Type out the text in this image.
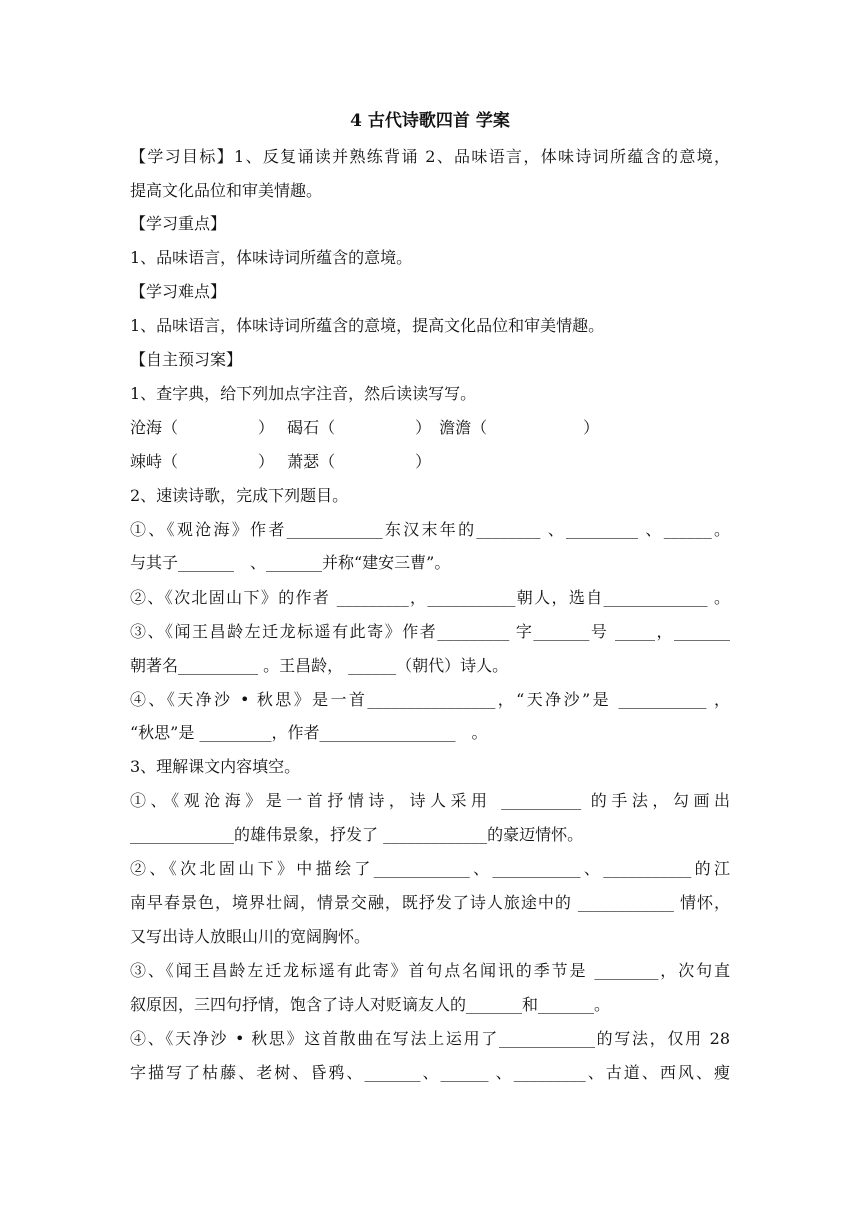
4 古代诗歌四首 学案
【学习目标】1、反复诵读并熟练背诵 2、品味语言，体味诗词所蕴含的意境，
提高文化品位和审美情趣。
【学习重点】
1、品味语言，体味诗词所蕴含的意境。
【学习难点】
1、品味语言，体味诗词所蕴含的意境，提高文化品位和审美情趣。
【自主预习案】
1、查字典，给下列加点字注音，然后读读写写。
沧海（　　　　　）　 碣石（　　　　　）　澹澹（　　　　　　）
竦峙（　　　　　）　 萧瑟（　　　　　）
2、速读诗歌，完成下列题目。
①、《观沧海》作者____________东汉末年的________ 、_________ 、______。
与其子_______　、_______并称“建安三曹”。
②、《次北固山下》的作者 _________，___________朝人，选自_____________ 。
③、《闻王昌龄左迁龙标遥有此寄》作者_________ 字_______号 _____，_______
朝著名__________ 。王昌龄， ______（朝代）诗人。
④、《天净沙 • 秋思》是一首________________，“天净沙”是 ___________ ，
“秋思”是 _________，作者_________________　。
3、理解课文内容填空。
①、《观沧海》是一首抒情诗，诗人采用 __________ 的手法，勾画出
_____________的雄伟景象，抒发了 _____________的豪迈情怀。
②、《次北固山下》中描绘了____________、___________、___________的江
南早春景色，境界壮阔，情景交融，既抒发了诗人旅途中的 ____________ 情怀，
又写出诗人放眼山川的宽阔胸怀。
③、《闻王昌龄左迁龙标遥有此寄》首句点名闻讯的季节是 ________，次句直
叙原因，三四句抒情，饱含了诗人对贬谪友人的_______和_______。
④、《天净沙 • 秋思》这首散曲在写法上运用了____________的写法，仅用 28
字描写了枯藤、老树、昏鸦、_______、______ 、_________、古道、西风、瘦
